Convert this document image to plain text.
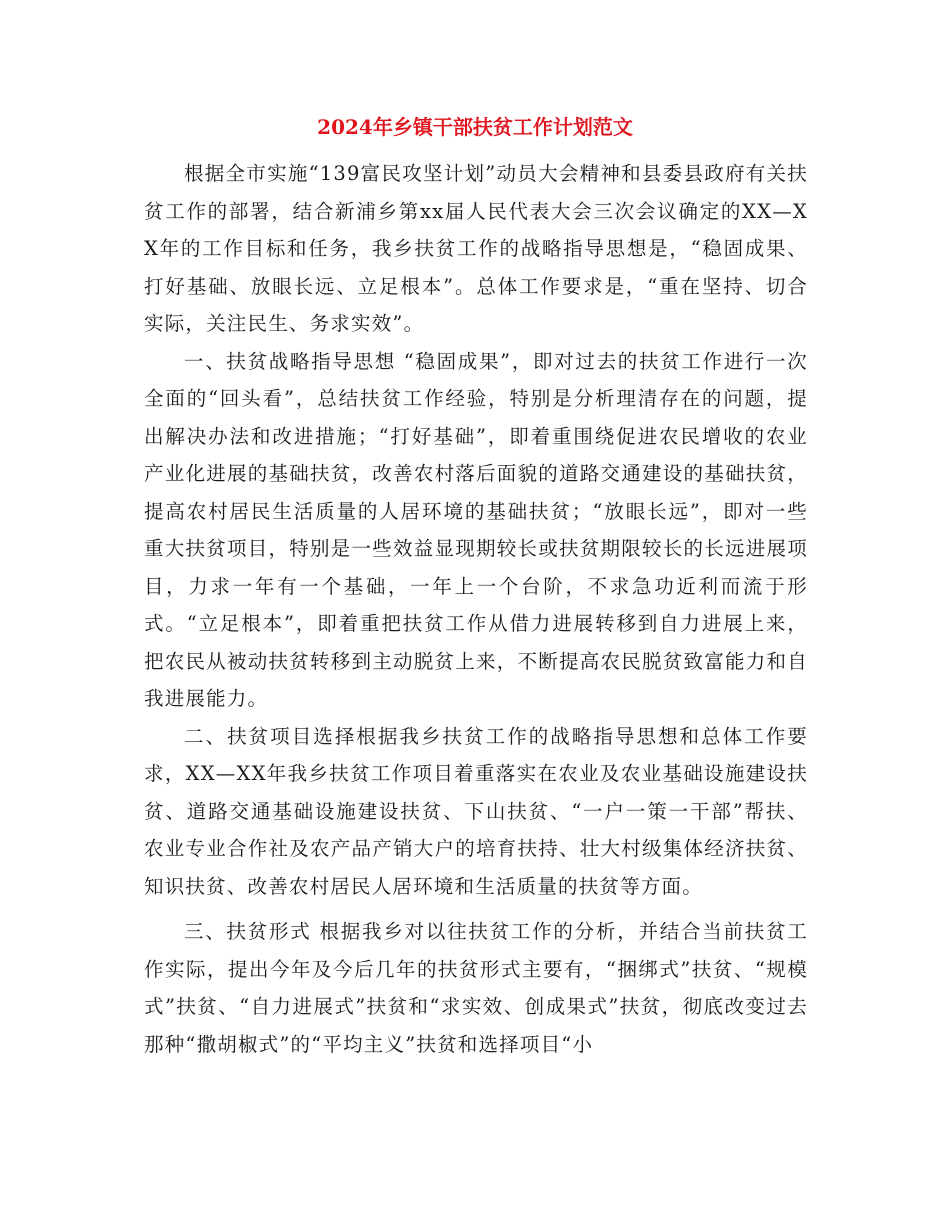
2024年乡镇干部扶贫工作计划范文

根据全市实施“139富民攻坚计划”动员大会精神和县委县政府有关扶贫工作的部署，结合新浦乡第xx届人民代表大会三次会议确定的XX—XX年的工作目标和任务，我乡扶贫工作的战略指导思想是，“稳固成果、打好基础、放眼长远、立足根本”。总体工作要求是，“重在坚持、切合实际，关注民生、务求实效”。

一、扶贫战略指导思想 “稳固成果”，即对过去的扶贫工作进行一次全面的“回头看”，总结扶贫工作经验，特别是分析理清存在的问题，提出解决办法和改进措施；“打好基础”，即着重围绕促进农民增收的农业产业化进展的基础扶贫，改善农村落后面貌的道路交通建设的基础扶贫，提高农村居民生活质量的人居环境的基础扶贫；“放眼长远”，即对一些重大扶贫项目，特别是一些效益显现期较长或扶贫期限较长的长远进展项目，力求一年有一个基础，一年上一个台阶，不求急功近利而流于形式。“立足根本”，即着重把扶贫工作从借力进展转移到自力进展上来，把农民从被动扶贫转移到主动脱贫上来，不断提高农民脱贫致富能力和自我进展能力。

二、扶贫项目选择根据我乡扶贫工作的战略指导思想和总体工作要求，XX—XX年我乡扶贫工作项目着重落实在农业及农业基础设施建设扶贫、道路交通基础设施建设扶贫、下山扶贫、“一户一策一干部”帮扶、农业专业合作社及农产品产销大户的培育扶持、壮大村级集体经济扶贫、知识扶贫、改善农村居民人居环境和生活质量的扶贫等方面。

三、扶贫形式 根据我乡对以往扶贫工作的分析，并结合当前扶贫工作实际，提出今年及今后几年的扶贫形式主要有，“捆绑式”扶贫、“规模式”扶贫、“自力进展式”扶贫和“求实效、创成果式”扶贫，彻底改变过去那种“撒胡椒式”的“平均主义”扶贫和选择项目“小
